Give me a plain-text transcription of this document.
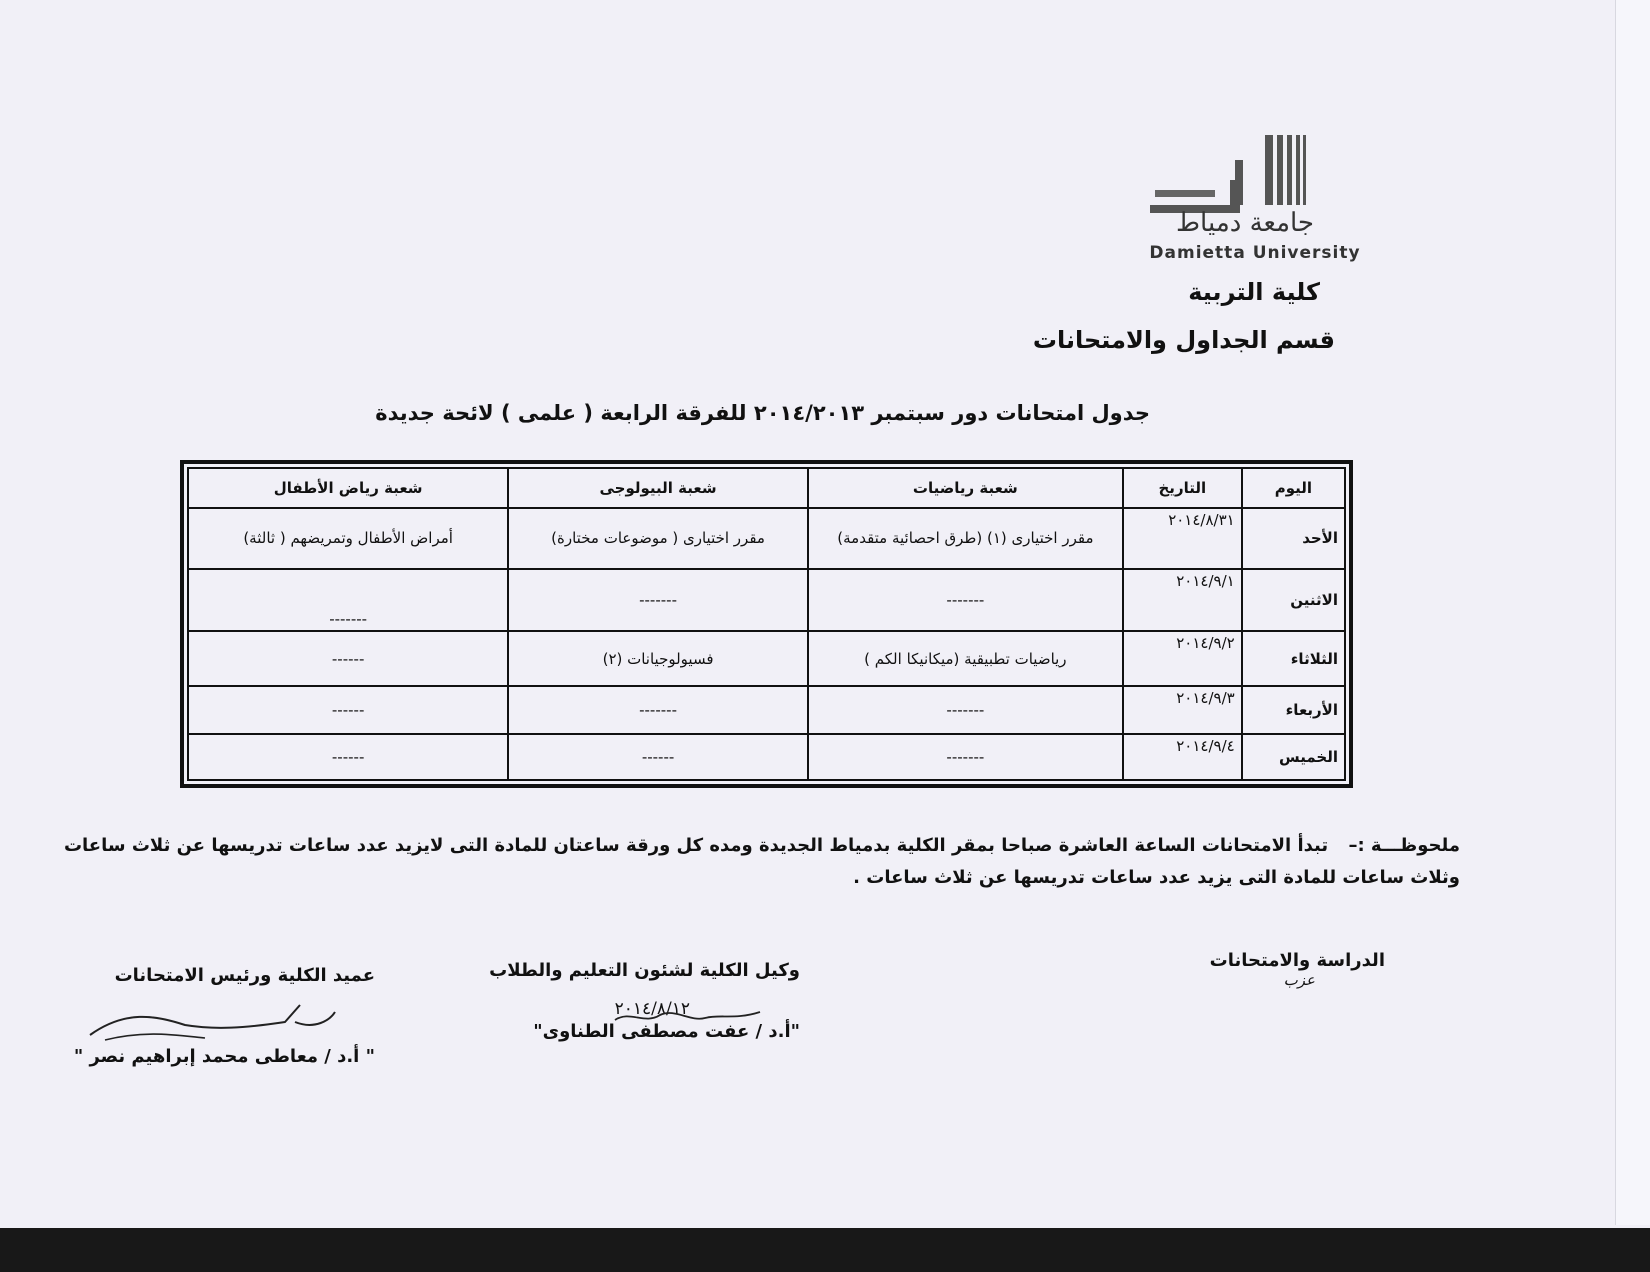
جامعة دمياط
Damietta University
كلية التربية
قسم الجداول والامتحانات
جدول امتحانات دور سبتمبر ٢٠١٤/٢٠١٣ للفرقة الرابعة ( علمى ) لائحة جديدة
اليوم	التاريخ	شعبة رياضيات	شعبة البيولوجى	شعبة رياض الأطفال
الأحد	٢٠١٤/٨/٣١	مقرر اختيارى (١) (طرق احصائية متقدمة)	مقرر اختيارى ( موضوعات مختارة)	أمراض الأطفال وتمريضهم ( ثالثة)
الاثنين	٢٠١٤/٩/١	-------	-------	-------
الثلاثاء	٢٠١٤/٩/٢	رياضيات تطبيقية (ميكانيكا الكم )	فسيولوجيانات (٢)	------
الأربعاء	٢٠١٤/٩/٣	-------	-------	------
الخميس	٢٠١٤/٩/٤	-------	------	------
ملحوظـــة :– تبدأ الامتحانات الساعة العاشرة صباحا بمقر الكلية بدمياط الجديدة ومده كل ورقة ساعتان للمادة التى لايزيد عدد ساعات تدريسها عن ثلاث ساعات وثلاث ساعات للمادة التى يزيد عدد ساعات تدريسها عن ثلاث ساعات .
الدراسة والامتحانات
عزب
وكيل الكلية لشئون التعليم والطلاب
٢٠١٤/٨/١٢
"أ.د / عفت مصطفى الطناوى"
عميد الكلية ورئيس الامتحانات
" أ.د / معاطى محمد إبراهيم نصر "
